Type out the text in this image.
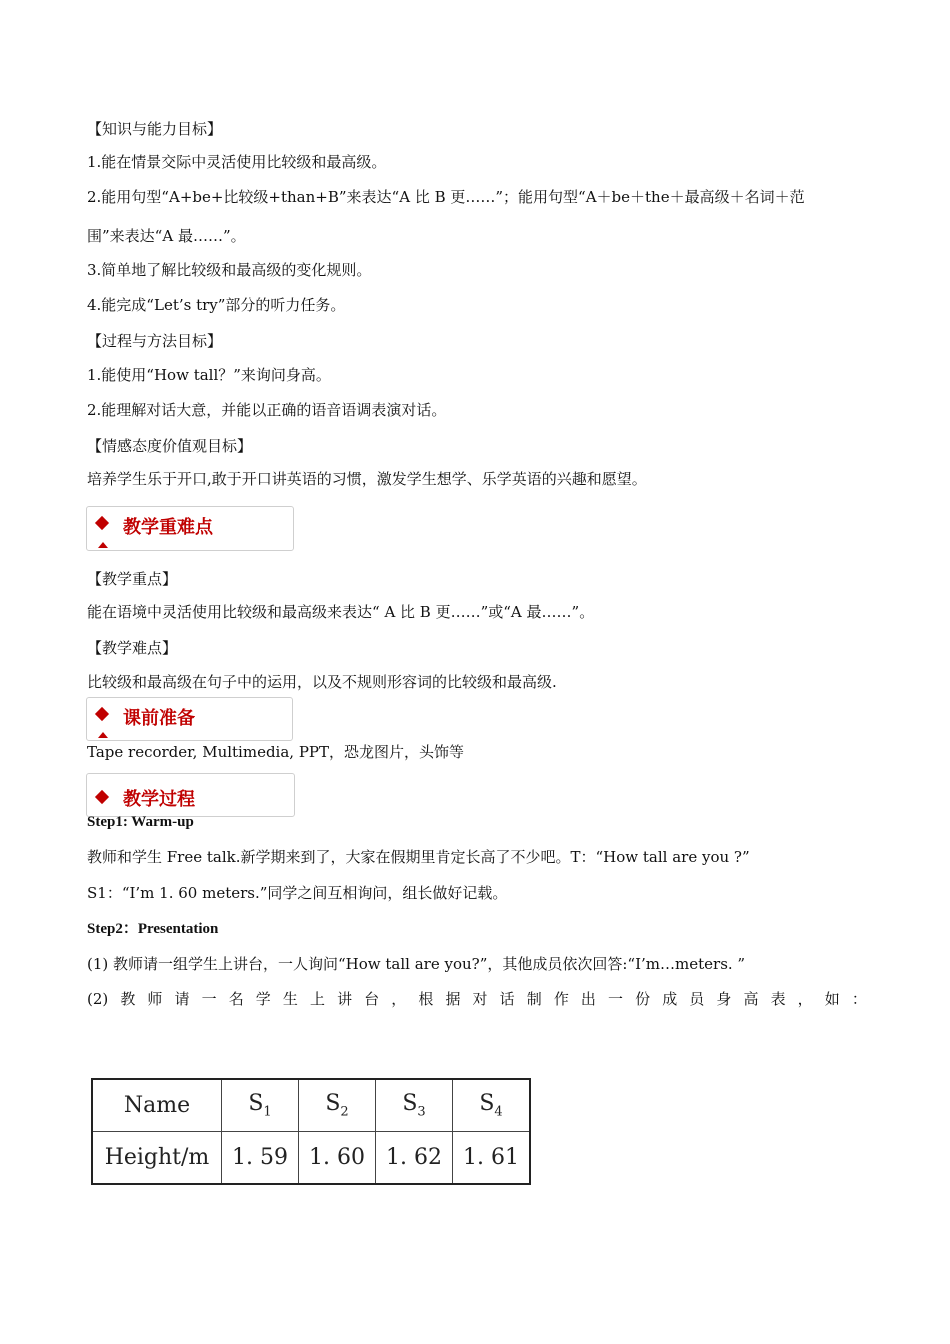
【知识与能力目标】
1.能在情景交际中灵活使用比较级和最高级。
2.能用句型“A+be+比较级+than+B”来表达“A 比 B 更……”；能用句型“A＋be＋the＋最高级＋名词＋范
围”来表达“A 最……”。
3.简单地了解比较级和最高级的变化规则。
4.能完成“Let’s try”部分的听力任务。
【过程与方法目标】
1.能使用“How tall？”来询问身高。
2.能理解对话大意，并能以正确的语音语调表演对话。
【情感态度价值观目标】
培养学生乐于开口,敢于开口讲英语的习惯，激发学生想学、乐学英语的兴趣和愿望。
教学重难点
【教学重点】
能在语境中灵活使用比较级和最高级来表达“ A 比 B 更……”或“A 最……”。
【教学难点】
比较级和最高级在句子中的运用，以及不规则形容词的比较级和最高级.
课前准备
Tape recorder, Multimedia, PPT，恐龙图片，头饰等
教学过程
Step1: Warm-up
教师和学生 Free talk.新学期来到了，大家在假期里肯定长高了不少吧。T：“How tall are you ?”
S1：“I’m 1. 60 meters.”同学之间互相询问，组长做好记载。
Step2：Presentation
(1) 教师请一组学生上讲台，一人询问“How tall are you?”，其他成员依次回答:“I’m…meters. ”
(2) 教 师 请 一 名 学 生 上 讲 台 ， 根 据 对 话 制 作 出 一 份 成 员 身 高 表 ， 如 ：
Name	$S_1$	$S_2$	$S_3$	$S_4$
Height/m	1. 59	1. 60	1. 62	1. 61
